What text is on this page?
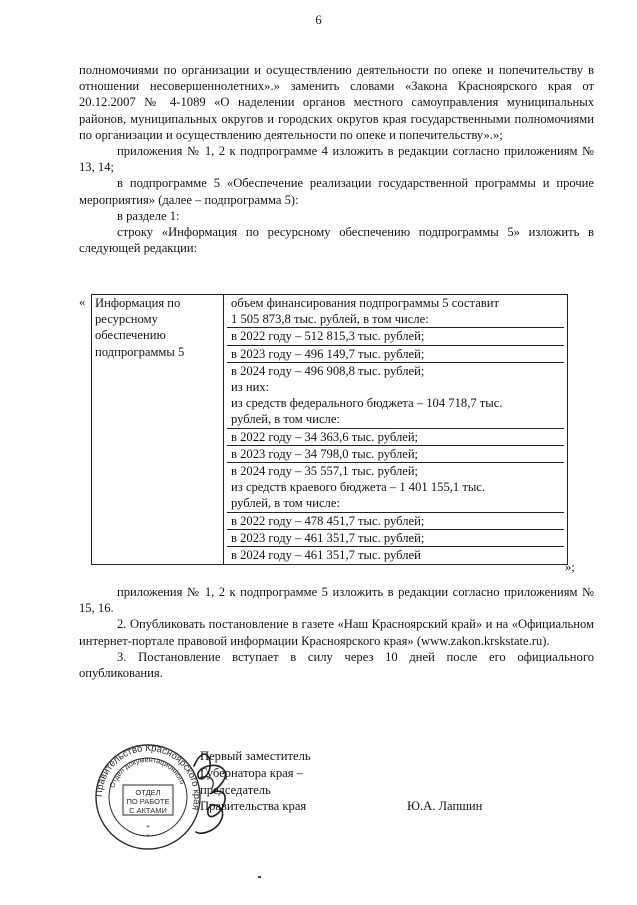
6

полномочиями по организации и осуществлению деятельности по опеке и попечительству в отношении несовершеннолетних».» заменить словами «Закона Красноярского края от 20.12.2007 № 4-1089 «О наделении органов местного самоуправления муниципальных районов, муниципальных округов и городских округов края государственными полномочиями по организации и осуществлению деятельности по опеке и попечительству».»;

приложения № 1, 2 к подпрограмме 4 изложить в редакции согласно приложениям № 13, 14;

в подпрограмме 5 «Обеспечение реализации государственной программы и прочие мероприятия» (далее – подпрограмма 5):

в разделе 1:

строку «Информация по ресурсному обеспечению подпрограммы 5» изложить в следующей редакции:

« Информация по ресурсному обеспечению подпрограммы 5	
объем финансирования подпрограммы 5 составит
1 505 873,8 тыс. рублей, в том числе:
в 2022 году – 512 815,3 тыс. рублей;
в 2023 году – 496 149,7 тыс. рублей;
в 2024 году – 496 908,8 тыс. рублей;
из них:
из средств федерального бюджета – 104 718,7 тыс.
рублей, в том числе:
в 2022 году – 34 363,6 тыс. рублей;
в 2023 году – 34 798,0 тыс. рублей;
в 2024 году – 35 557,1 тыс. рублей;
из средств краевого бюджета – 1 401 155,1 тыс.
рублей, в том числе:
в 2022 году – 478 451,7 тыс. рублей;
в 2023 году – 461 351,7 тыс. рублей;
в 2024 году – 461 351,7 тыс. рублей
»;

приложения № 1, 2 к подпрограмме 5 изложить в редакции согласно приложениям № 15, 16.

2. Опубликовать постановление в газете «Наш Красноярский край» и на «Официальном интернет-портале правовой информации Красноярского края» (www.zakon.krskstate.ru).

3. Постановление вступает в силу через 10 дней после его официального опубликования.

Правительство Красноярского края
Отдел документационного
ОТДЕЛ
ПО РАБОТЕ
С АКТАМИ
*
*
Первый заместитель
Губернатора края –
председатель
Правительства края	Ю.А. Лапшин
